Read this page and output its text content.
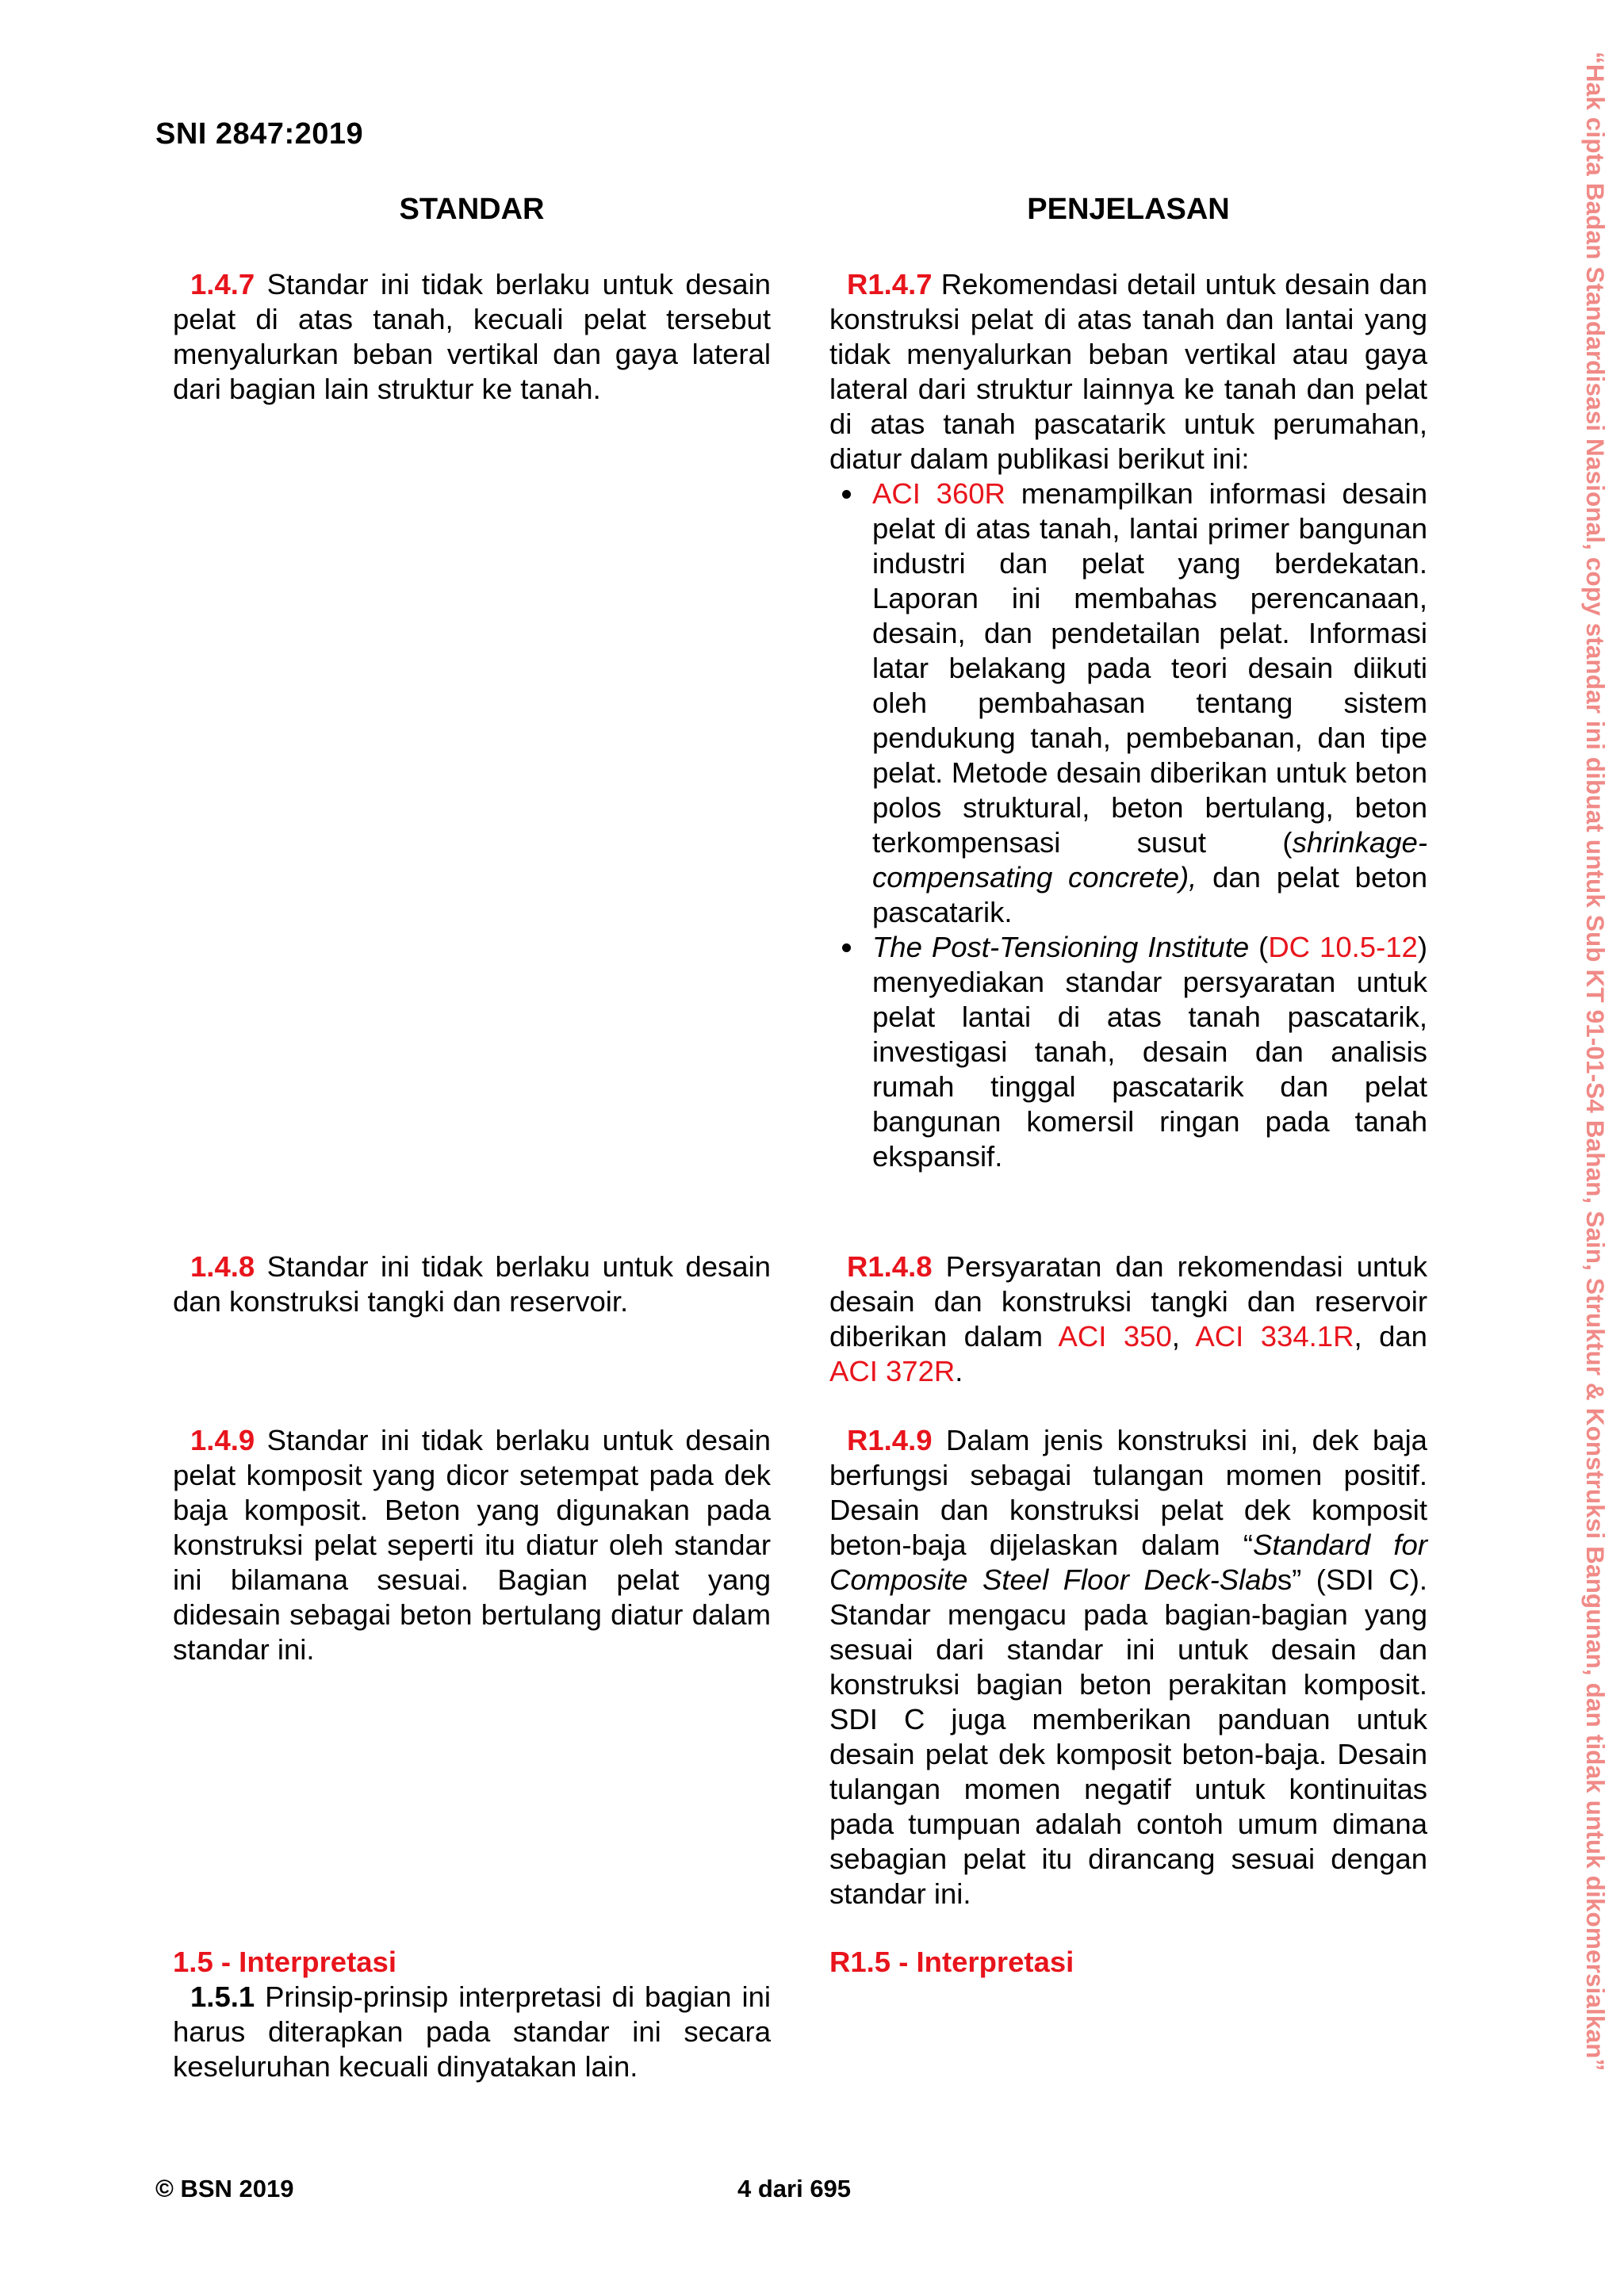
SNI 2847:2019
STANDAR	PENJELASAN

1.4.7 Standar ini tidak berlaku untuk desain pelat di atas tanah, kecuali pelat tersebut menyalurkan beban vertikal dan gaya lateral dari bagian lain struktur ke tanah.

R1.4.7 Rekomendasi detail untuk desain dan konstruksi pelat di atas tanah dan lantai yang tidak menyalurkan beban vertikal atau gaya lateral dari struktur lainnya ke tanah dan pelat di atas tanah pascatarik untuk perumahan, diatur dalam publikasi berikut ini:

ACI 360R menampilkan informasi desain pelat di atas tanah, lantai primer bangunan industri dan pelat yang berdekatan. Laporan ini membahas perencanaan, desain, dan pendetailan pelat. Informasi latar belakang pada teori desain diikuti oleh pembahasan tentang sistem pendukung tanah, pembebanan, dan tipe pelat. Metode desain diberikan untuk beton polos struktural, beton bertulang, beton terkompensasi susut (shrinkage-compensating concrete), dan pelat beton pascatarik.
The Post-Tensioning Institute (DC 10.5-12) menyediakan standar persyaratan untuk pelat lantai di atas tanah pascatarik, investigasi tanah, desain dan analisis rumah tinggal pascatarik dan pelat bangunan komersil ringan pada tanah ekspansif.

1.4.8 Standar ini tidak berlaku untuk desain dan konstruksi tangki dan reservoir.

R1.4.8 Persyaratan dan rekomendasi untuk desain dan konstruksi tangki dan reservoir diberikan dalam ACI 350, ACI 334.1R, dan ACI 372R.

1.4.9 Standar ini tidak berlaku untuk desain pelat komposit yang dicor setempat pada dek baja komposit. Beton yang digunakan pada konstruksi pelat seperti itu diatur oleh standar ini bilamana sesuai. Bagian pelat yang didesain sebagai beton bertulang diatur dalam standar ini.

R1.4.9 Dalam jenis konstruksi ini, dek baja berfungsi sebagai tulangan momen positif. Desain dan konstruksi pelat dek komposit beton-baja dijelaskan dalam “Standard for Composite Steel Floor Deck-Slabs” (SDI C). Standar mengacu pada bagian-bagian yang sesuai dari standar ini untuk desain dan konstruksi bagian beton perakitan komposit. SDI C juga memberikan panduan untuk desain pelat dek komposit beton-baja. Desain tulangan momen negatif untuk kontinuitas pada tumpuan adalah contoh umum dimana sebagian pelat itu dirancang sesuai dengan standar ini.

1.5 - Interpretasi

1.5.1 Prinsip-prinsip interpretasi di bagian ini harus diterapkan pada standar ini secara keseluruhan kecuali dinyatakan lain.

R1.5 - Interpretasi

© BSN 2019	4 dari 695
“Hak cipta Badan Standardisasi Nasional, copy standar ini dibuat untuk Sub KT 91-01-S4 Bahan, Sain, Struktur & Konstruksi Bangunan, dan tidak untuk dikomersialkan”
